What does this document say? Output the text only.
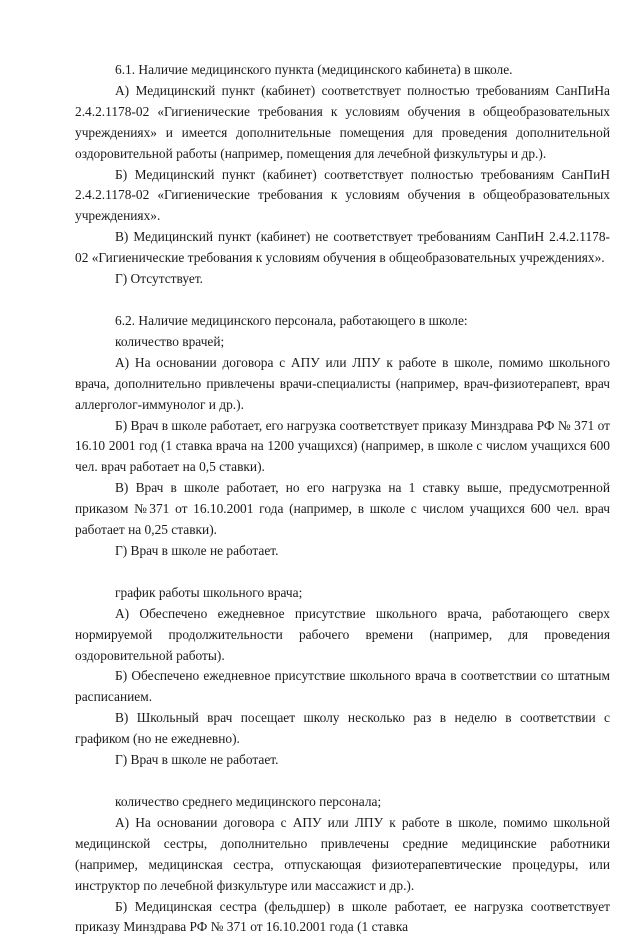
6.1. Наличие медицинского пункта (медицинского кабинета) в школе.

А) Медицинский пункт (кабинет) соответствует полностью требованиям СанПиНа 2.4.2.1178-02 «Гигиенические требования к условиям обучения в общеобразовательных учреждениях» и имеется дополнительные помещения для проведения дополнительной оздоровительной работы (например, помещения для лечебной физкультуры и др.).

Б) Медицинский пункт (кабинет) соответствует полностью требованиям СанПиН 2.4.2.1178-02 «Гигиенические требования к условиям обучения в общеобразовательных учреждениях».

В) Медицинский пункт (кабинет) не соответствует требованиям СанПиН 2.4.2.1178-02 «Гигиенические требования к условиям обучения в общеобразовательных учреждениях».

Г) Отсутствует.

6.2. Наличие медицинского персонала, работающего в школе:

количество врачей;

А) На основании договора с АПУ или ЛПУ к работе в школе, помимо школьного врача, дополнительно привлечены врачи-специалисты (например, врач-физиотерапевт, врач аллерголог-иммунолог и др.).

Б) Врач в школе работает, его нагрузка соответствует приказу Минздрава РФ № 371 от 16.10 2001 год (1 ставка врача на 1200 учащихся) (например, в школе с числом учащихся 600 чел. врач работает на 0,5 ставки).

В) Врач в школе работает, но его нагрузка на 1 ставку выше, предусмотренной приказом №371 от 16.10.2001 года (например, в школе с числом учащихся 600 чел. врач работает на 0,25 ставки).

Г) Врач в школе не работает.

график работы школьного врача;

А) Обеспечено ежедневное присутствие школьного врача, работающего сверх нормируемой продолжительности рабочего времени (например, для проведения оздоровительной работы).

Б) Обеспечено ежедневное присутствие школьного врача в соответствии со штатным расписанием.

В) Школьный врач посещает школу несколько раз в неделю в соответствии с графиком (но не ежедневно).

Г) Врач в школе не работает.

количество среднего медицинского персонала;

А) На основании договора с АПУ или ЛПУ к работе в школе, помимо школьной медицинской сестры, дополнительно привлечены средние медицинские работники (например, медицинская сестра, отпускающая физиотерапевтические процедуры, или инструктор по лечебной физкультуре или массажист и др.).

Б) Медицинская сестра (фельдшер) в школе работает, ее нагрузка соответствует приказу Минздрава РФ № 371 от 16.10.2001 года (1 ставка
